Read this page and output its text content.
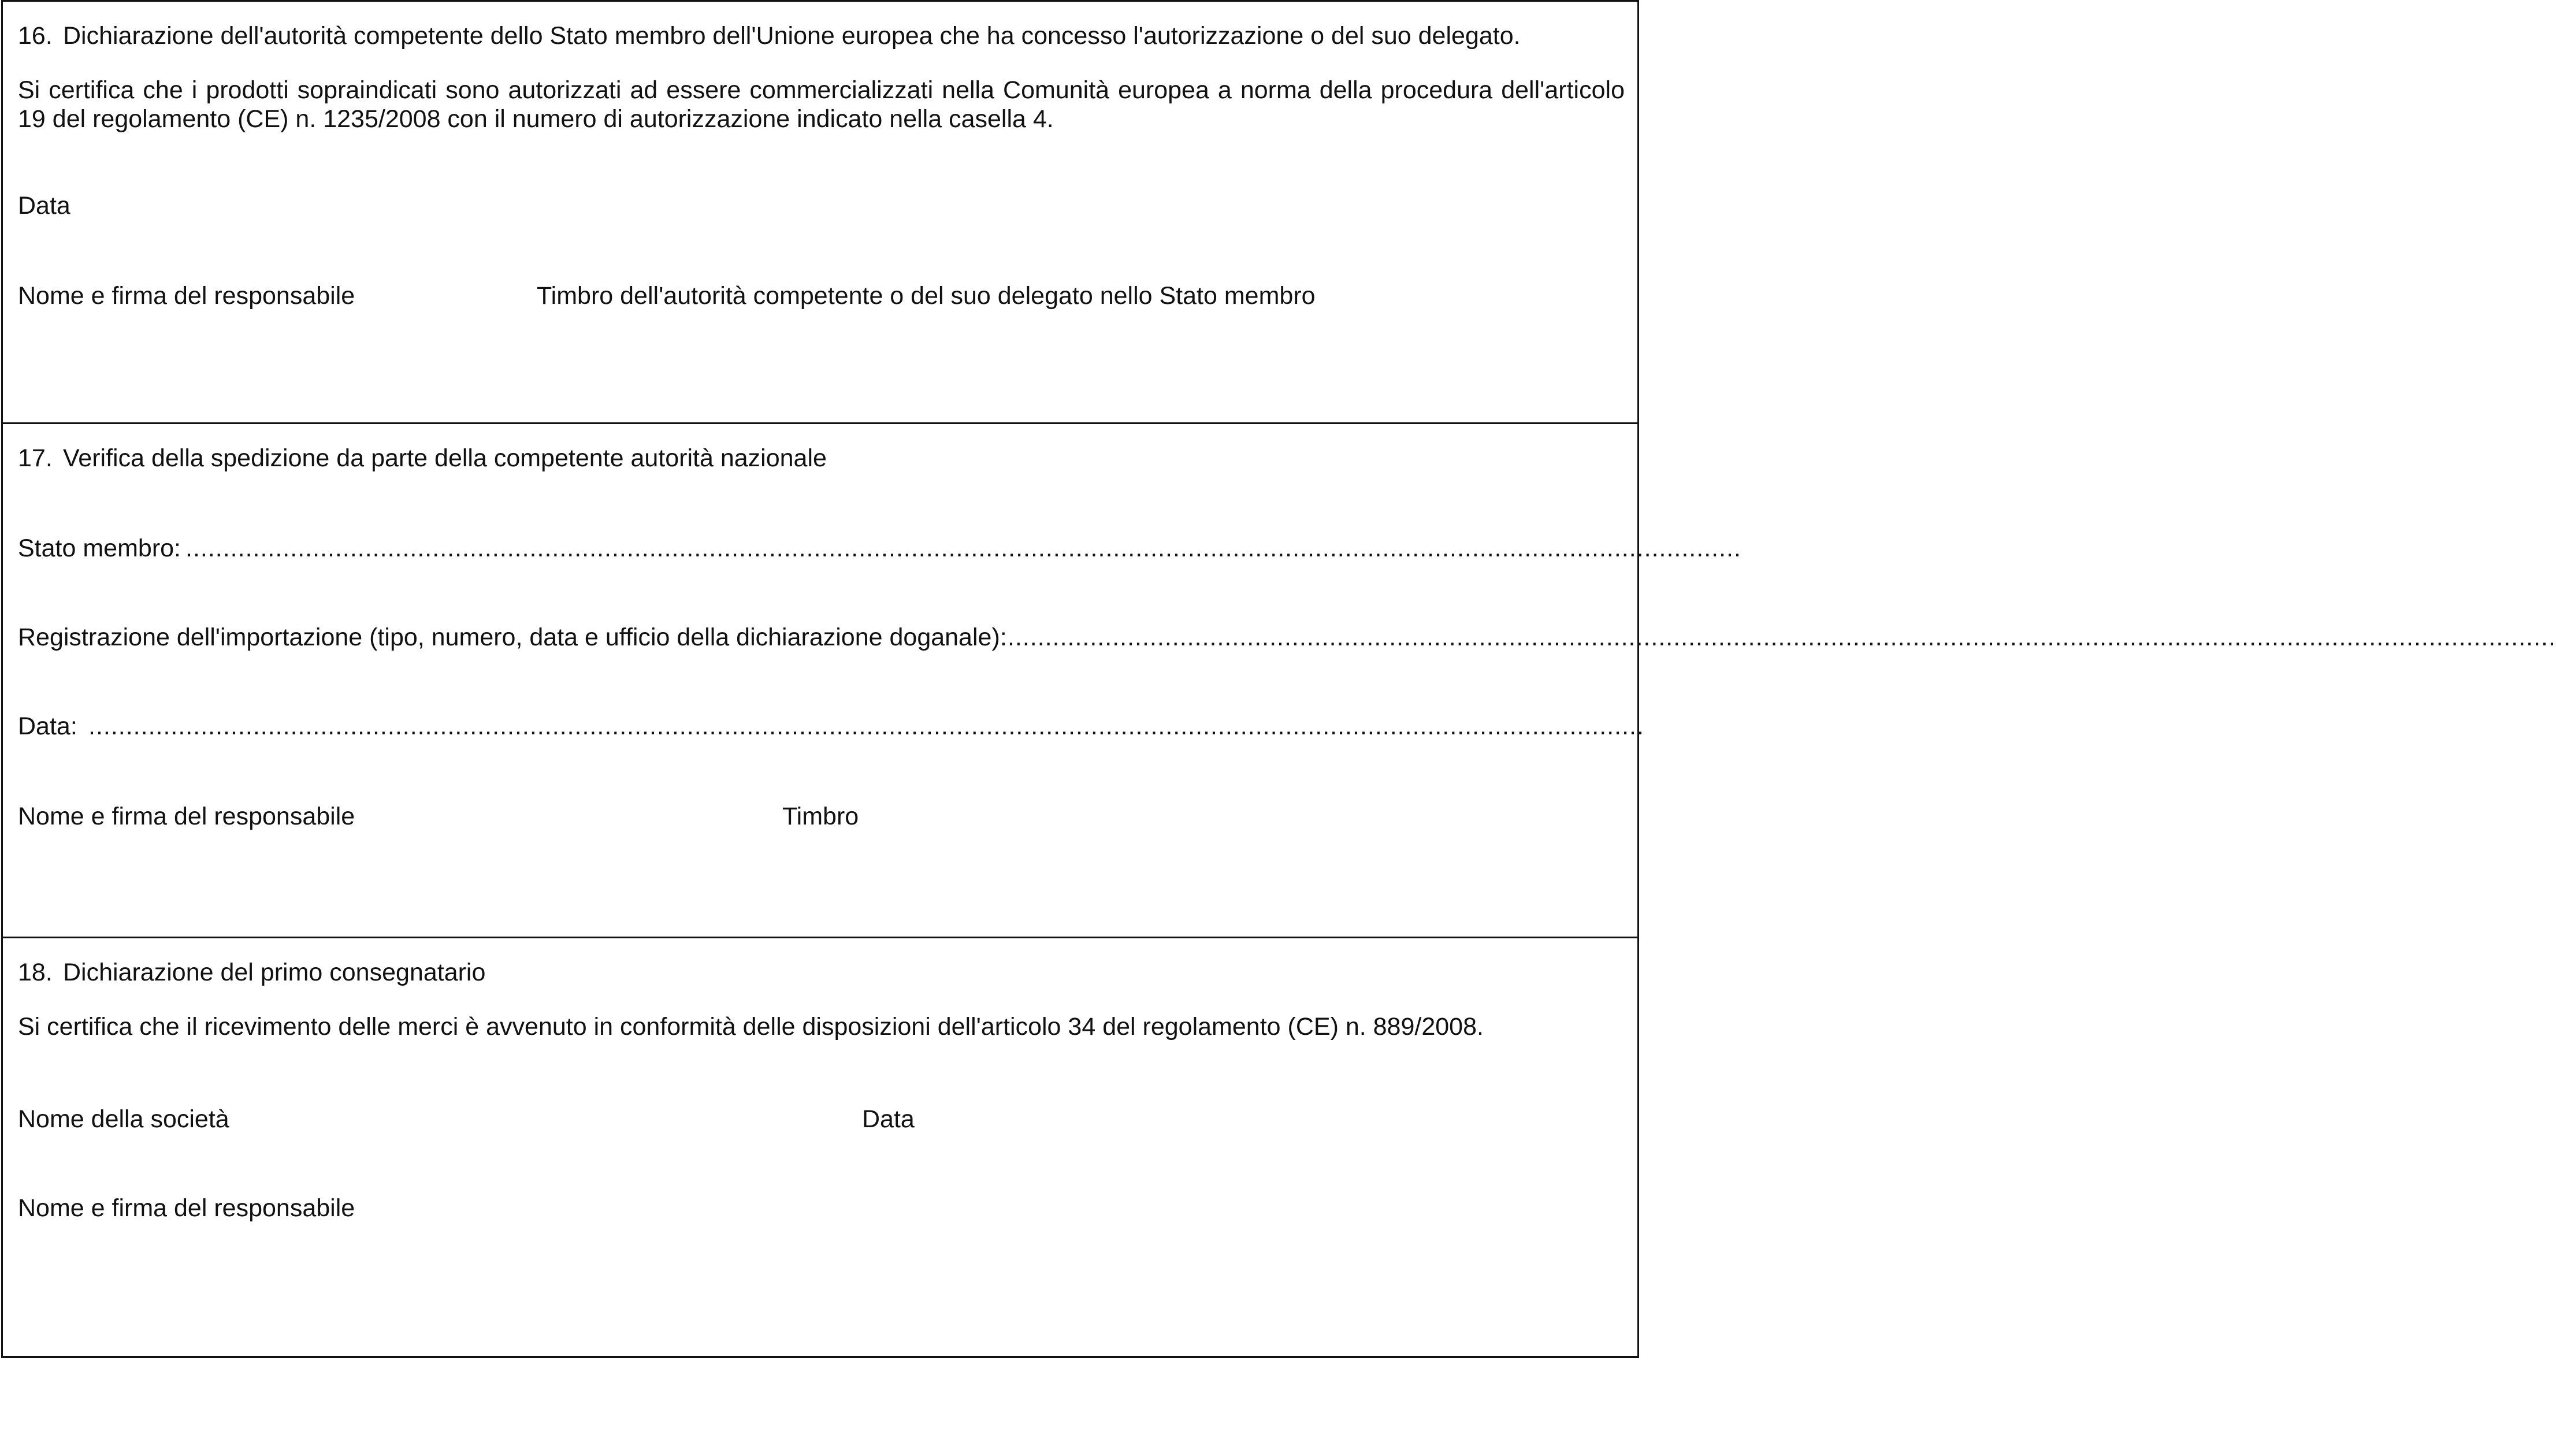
16. Dichiarazione dell'autorità competente dello Stato membro dell'Unione europea che ha concesso l'autorizzazione o del suo delegato.
Si certifica che i prodotti sopraindicati sono autorizzati ad essere commercializzati nella Comunità europea a norma della procedura dell'articolo 19 del regolamento (CE) n. 1235/2008 con il numero di autorizzazione indicato nella casella 4.
Data
Nome e firma del responsabile	Timbro dell'autorità competente o del suo delegato nello Stato membro
17. Verifica della spedizione da parte della competente autorità nazionale
Stato membro: ................................................................................................................................................................................................................
Registrazione dell'importazione (tipo, numero, data e ufficio della dichiarazione doganale):
................................................................................................................................................................................................................
Data: ................................................................................................................................................................................................................
Nome e firma del responsabile	Timbro
18. Dichiarazione del primo consegnatario
Si certifica che il ricevimento delle merci è avvenuto in conformità delle disposizioni dell'articolo 34 del regolamento (CE) n. 889/2008.
Nome della società	Data
Nome e firma del responsabile
